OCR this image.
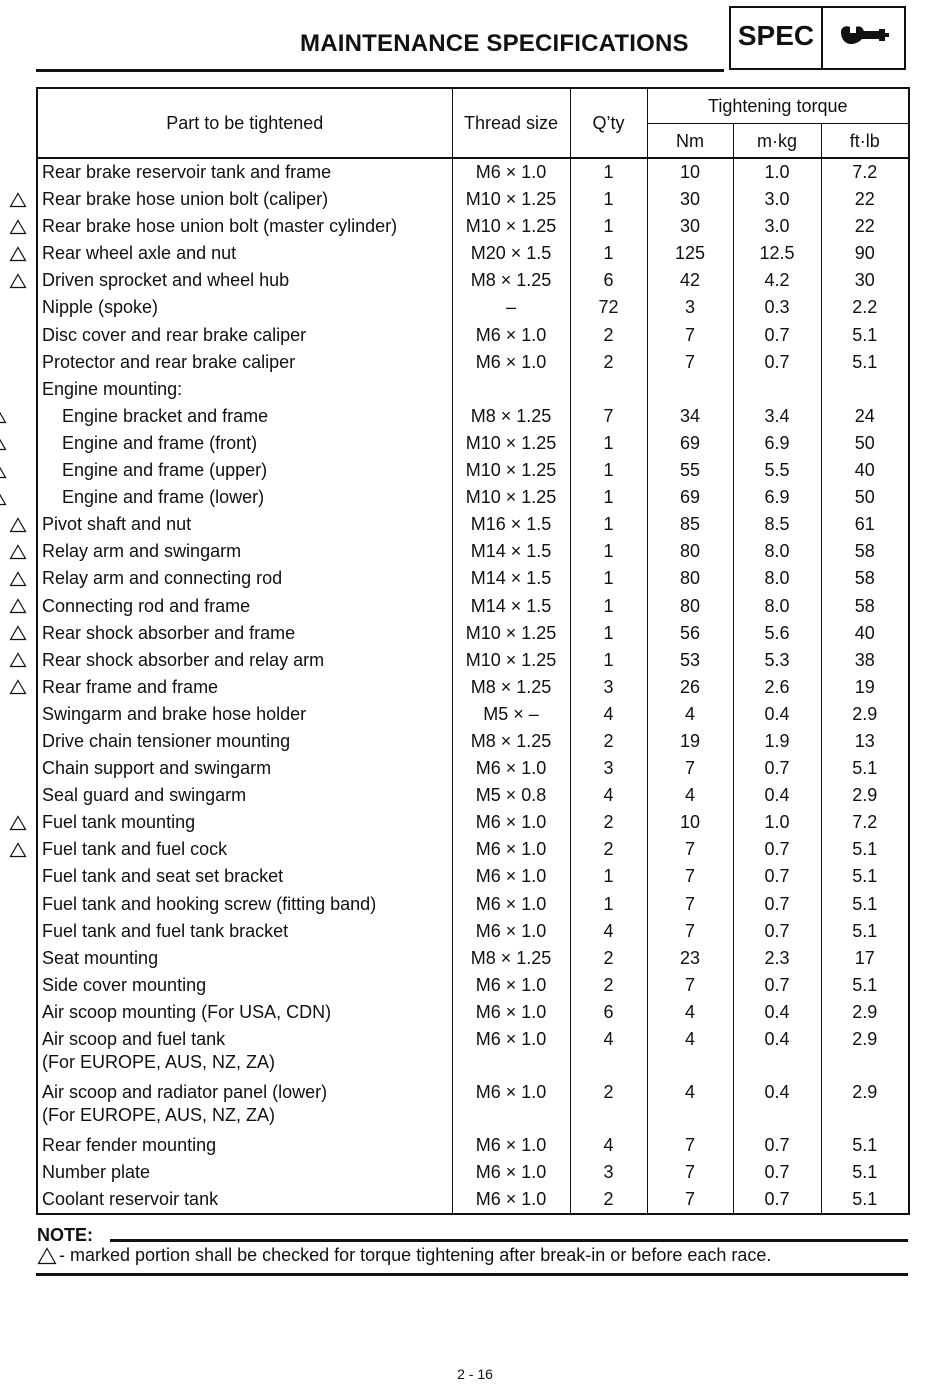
MAINTENANCE SPECIFICATIONS	SPEC
Part to be tightened	Thread size	Q’ty	Tightening torque		
			Nm	m·kg	ft·lb
Rear brake reservoir tank and frame	M6 × 1.0	1	10	1.0	7.2

Rear brake hose union bolt (caliper)	M10 × 1.25	1	30	3.0	22

Rear brake hose union bolt (master cylinder)	M10 × 1.25	1	30	3.0	22

Rear wheel axle and nut	M20 × 1.5	1	125	12.5	90

Driven sprocket and wheel hub	M8 × 1.25	6	42	4.2	30
Nipple (spoke)	–	72	3	0.3	2.2
Disc cover and rear brake caliper	M6 × 1.0	2	7	0.7	5.1
Protector and rear brake caliper	M6 × 1.0	2	7	0.7	5.1
Engine mounting:					

Engine bracket and frame	M8 × 1.25	7	34	3.4	24

Engine and frame (front)	M10 × 1.25	1	69	6.9	50

Engine and frame (upper)	M10 × 1.25	1	55	5.5	40

Engine and frame (lower)	M10 × 1.25	1	69	6.9	50

Pivot shaft and nut	M16 × 1.5	1	85	8.5	61

Relay arm and swingarm	M14 × 1.5	1	80	8.0	58

Relay arm and connecting rod	M14 × 1.5	1	80	8.0	58

Connecting rod and frame	M14 × 1.5	1	80	8.0	58

Rear shock absorber and frame	M10 × 1.25	1	56	5.6	40

Rear shock absorber and relay arm	M10 × 1.25	1	53	5.3	38

Rear frame and frame	M8 × 1.25	3	26	2.6	19
Swingarm and brake hose holder	M5 × –	4	4	0.4	2.9
Drive chain tensioner mounting	M8 × 1.25	2	19	1.9	13
Chain support and swingarm	M6 × 1.0	3	7	0.7	5.1
Seal guard and swingarm	M5 × 0.8	4	4	0.4	2.9

Fuel tank mounting	M6 × 1.0	2	10	1.0	7.2

Fuel tank and fuel cock	M6 × 1.0	2	7	0.7	5.1
Fuel tank and seat set bracket	M6 × 1.0	1	7	0.7	5.1
Fuel tank and hooking screw (fitting band)	M6 × 1.0	1	7	0.7	5.1
Fuel tank and fuel tank bracket	M6 × 1.0	4	7	0.7	5.1
Seat mounting	M8 × 1.25	2	23	2.3	17
Side cover mounting	M6 × 1.0	2	7	0.7	5.1
Air scoop mounting (For USA, CDN)	M6 × 1.0	6	4	0.4	2.9
Air scoop and fuel tank
(For EUROPE, AUS, NZ, ZA)	M6 × 1.0	4	4	0.4	2.9
Air scoop and radiator panel (lower)
(For EUROPE, AUS, NZ, ZA)	M6 × 1.0	2	4	0.4	2.9
Rear fender mounting	M6 × 1.0	4	7	0.7	5.1
Number plate	M6 × 1.0	3	7	0.7	5.1
Coolant reservoir tank	M6 × 1.0	2	7	0.7	5.1
NOTE:
- marked portion shall be checked for torque tightening after break-in or before each race.
2 - 16
